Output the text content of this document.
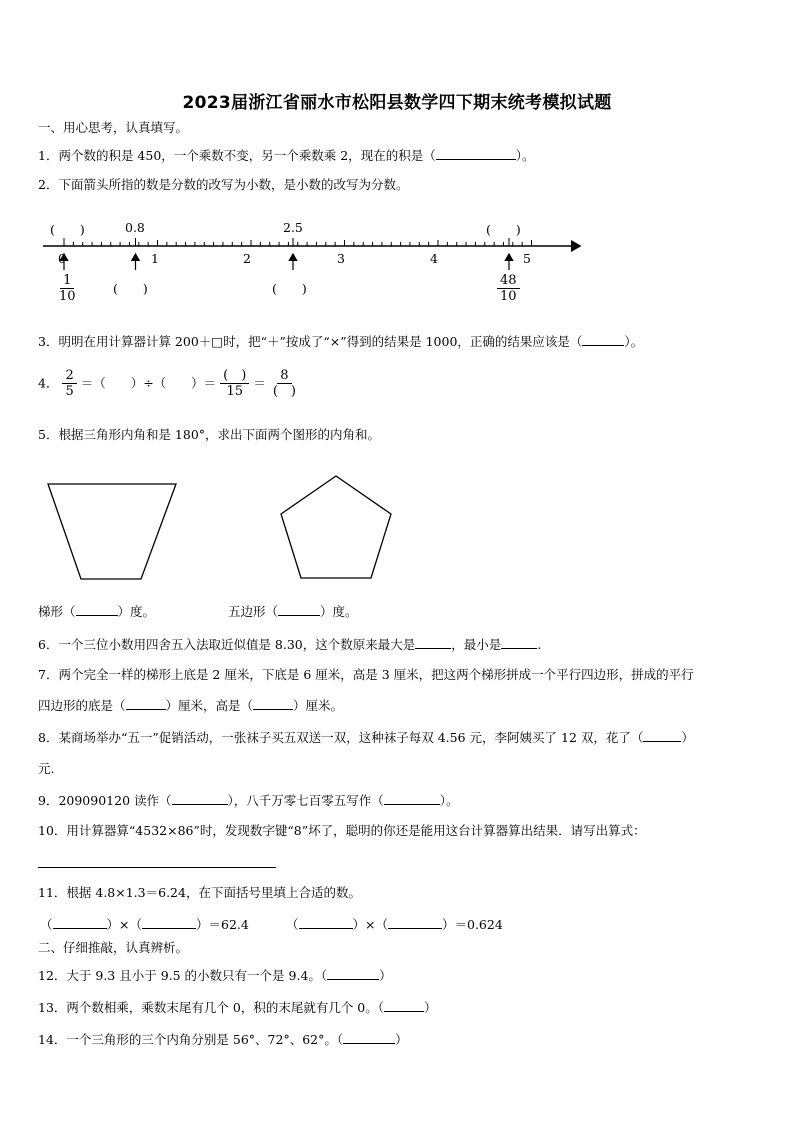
2023届浙江省丽水市松阳县数学四下期末统考模拟试题
一、用心思考，认真填写。
1．两个数的积是 450，一个乘数不变，另一个乘数乘 2，现在的积是（	）。
2．下面箭头所指的数是分数的改写为小数，是小数的改写为分数。
(　　)	0.8	2.5	(　　)
0	1	2	3	4	5
$\frac{1}{10}$	(　　)	(　　)	$\frac{48}{10}$
3．明明在用计算器计算 200＋□时，把“＋”按成了“×”得到的结果是 1000，正确的结果应该是（	）。
4． $\frac{2}{5}$ ＝（　　）÷（　　）＝ $\frac{( )}{15} = \frac{8}{( )}$
5．根据三角形内角和是 180°，求出下面两个图形的内角和。
梯形（	）度。	五边形（	）度。
6．一个三位小数用四舍五入法取近似值是 8.30，这个数原来最大是	，最小是	.
7．两个完全一样的梯形上底是 2 厘米，下底是 6 厘米，高是 3 厘米，把这两个梯形拼成一个平行四边形，拼成的平行
四边形的底是（	）厘米，高是（	）厘米。
8．某商场举办“五一”促销活动，一张袜子买五双送一双，这种袜子每双 4.56 元，李阿姨买了 12 双，花了（	）
元.
9．209090120 读作（	），八千万零七百零五写作（	）。
10．用计算器算“4532×86”时，发现数字键“8”坏了，聪明的你还是能用这台计算器算出结果．请写出算式：
11．根据 4.8×1.3＝6.24，在下面括号里填上合适的数。
（	）×（	）＝62.4	（	）×（	）＝0.624
二、仔细推敲，认真辨析。
12．大于 9.3 且小于 9.5 的小数只有一个是 9.4。（	）
13．两个数相乘，乘数末尾有几个 0，积的末尾就有几个 0。（	）
14．一个三角形的三个内角分别是 56°、72°、62°。（	）
